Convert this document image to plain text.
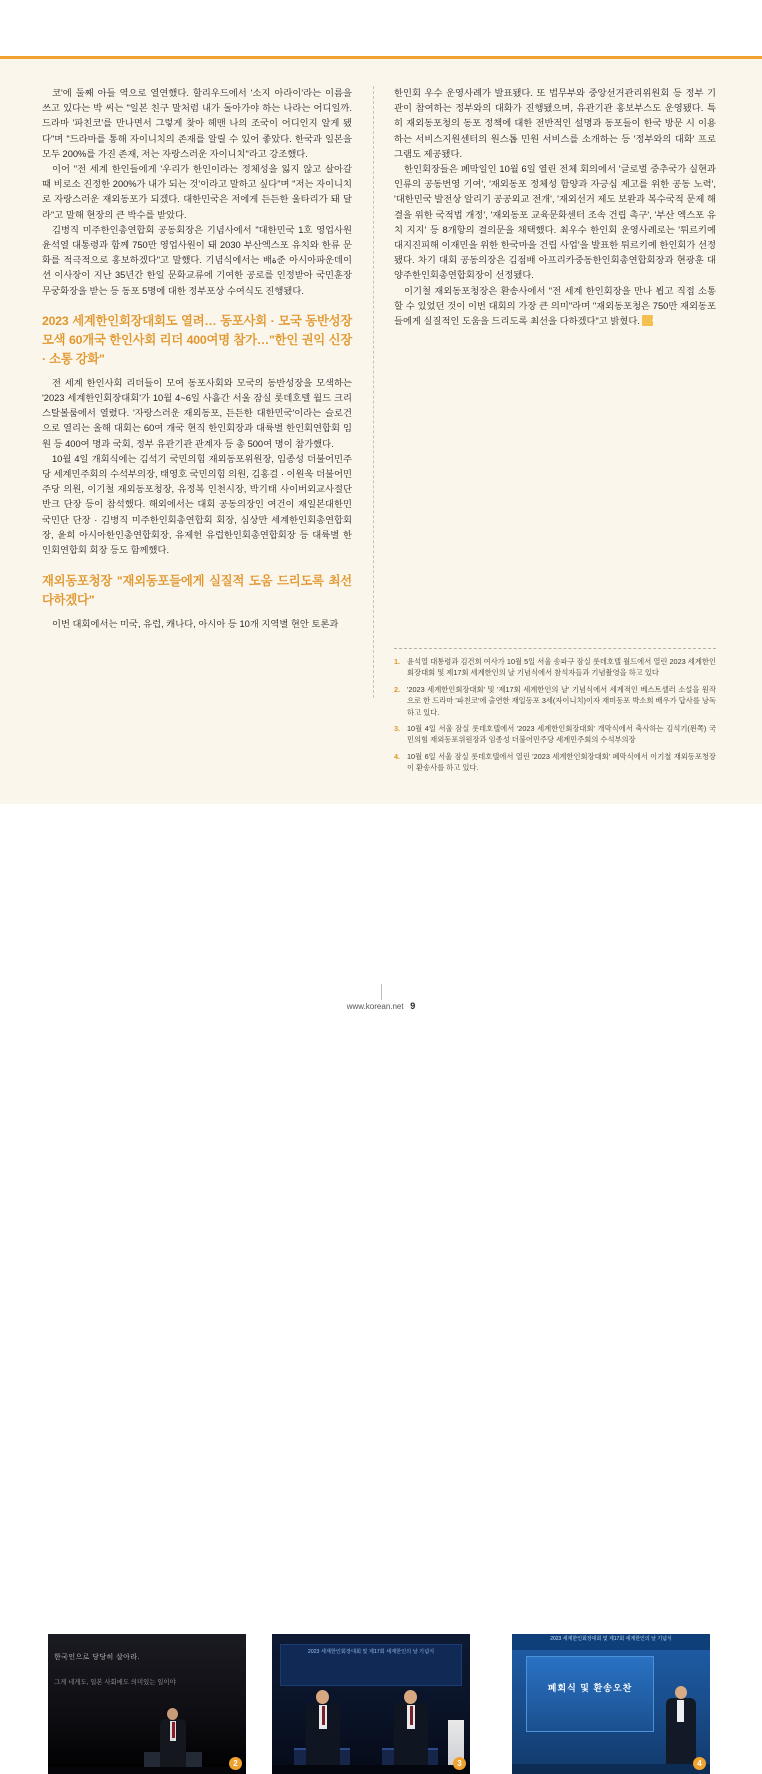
코'에 둘째 아들 역으로 열연했다. 할리우드에서 '소지 아라이'라는 이름을 쓰고 있다는 박 씨는 "일본 친구 말처럼 내가 돌아가야 하는 나라는 어디일까. 드라마 '파친코'를 만나면서 그렇게 찾아 헤맨 나의 조국이 어디인지 알게 됐다"며 "드라마를 통해 자이니치의 존재를 알릴 수 있어 좋았다. 한국과 일본을 모두 200%를 가진 존재, 저는 자랑스러운 자이니치"라고 강조했다.

이어 "전 세계 한인들에게 '우리가 한인이라는 정체성을 잃지 않고 살아갈 때 비로소 진정한 200%가 내가 되는 것'이라고 말하고 싶다"며 "저는 자이니치로 자랑스러운 재외동포가 되겠다. 대한민국은 저에게 든든한 울타리가 돼 달라"고 말해 현장의 큰 박수를 받았다.

김병직 미주한인총연합회 공동회장은 기념사에서 "대한민국 1호 영업사원 윤석열 대통령과 함께 750만 영업사원이 돼 2030 부산엑스포 유치와 한류 문화를 적극적으로 홍보하겠다"고 말했다. 기념식에서는 배ة준 아시아파운데이션 이사장이 지난 35년간 한일 문화교류에 기여한 공로를 인정받아 국민훈장 무궁화장을 받는 등 동포 5명에 대한 정부포상 수여식도 진행됐다.

2023 세계한인회장대회도 열려… 동포사회 · 모국 동반성장 모색 60개국 한인사회 리더 400여명 참가…"한인 권익 신장 · 소통 강화"

전 세계 한인사회 리더들이 모여 동포사회와 모국의 동반성장을 모색하는 '2023 세계한인회장대회'가 10월 4~6일 사흘간 서울 잠실 롯데호텔 월드 크리스탈볼룸에서 열렸다. '자랑스러운 재외동포, 든든한 대한민국'이라는 슬로건으로 열리는 올해 대회는 60여 개국 현직 한인회장과 대륙별 한인회연합회 임원 등 400여 명과 국회, 정부 유관기관 관계자 등 총 500여 명이 참가했다.

10월 4일 개회식에는 김석기 국민의힘 재외동포위원장, 임종성 더불어민주당 세계민주회의 수석부의장, 태영호 국민의힘 의원, 김홍걸 · 이원욱 더불어민주당 의원, 이기철 재외동포청장, 유정복 인천시장, 박기태 사이버외교사절단 반크 단장 등이 참석했다. 해외에서는 대회 공동의장인 여건이 재일본대한민국민단 단장 · 김병직 미주한인회총연합회 회장, 심상만 세계한인회총연합회장, 윤희 아시아한인총연합회장, 유제헌 유럽한인회총연합회장 등 대륙별 한인회연합회 회장 등도 함께했다.

재외동포청장 "재외동포들에게 실질적 도움 드리도록 최선 다하겠다"

이번 대회에서는 미국, 유럽, 캐나다, 아시아 등 10개 지역별 현안 토론과

한인회 우수 운영사례가 발표됐다. 또 법무부와 중앙선거관리위원회 등 정부 기관이 참여하는 정부와의 대화가 진행됐으며, 유관기관 홍보부스도 운영됐다. 특히 재외동포청의 동포 정책에 대한 전반적인 설명과 동포들이 한국 방문 시 이용하는 서비스지원센터의 원스톱 민원 서비스를 소개하는 등 '정부와의 대화' 프로그램도 제공됐다.

한인회장들은 폐막일인 10월 6일 열린 전체 회의에서 '글로벌 중추국가 실현과 인류의 공동번영 기여', '재외동포 정체성 함양과 자긍심 제고를 위한 공동 노력', '대한민국 발전상 알리기 공공외교 전개', '재외선거 제도 보완과 복수국적 문제 해결을 위한 국적법 개정', '재외동포 교육문화센터 조속 건립 촉구', '부산 엑스포 유치 지지' 등 8개항의 결의문을 채택했다. 최우수 한인회 운영사례로는 '튀르키예 대지진피해 이재민을 위한 한국마을 건립 사업'을 발표한 튀르키예 한인회가 선정됐다. 차기 대회 공동의장은 김점배 아프리카중동한인회총연합회장과 현광훈 대양주한인회총연합회장이 선정됐다.

이기철 재외동포청장은 환송사에서 "전 세계 한인회장을 만나 뵙고 직접 소통할 수 있었던 것이 이번 대회의 가장 큰 의미"라며 "재외동포청은 750만 재외동포들에게 실질적인 도움을 드리도록 최선을 다하겠다"고 밝혔다. 4

1. 윤석열 대통령과 김건희 여사가 10월 5일 서울 송파구 잠실 롯데호텔 월드에서 열린 2023 세계한인회장대회 및 제17회 세계한인의 날 기념식에서 참석자들과 기념촬영을 하고 있다
2. '2023 세계한인회장대회' 및 '제17회 세계한인의 날' 기념식에서 세계적인 베스트셀러 소설을 원작으로 한 드라마 '파친코'에 출연한 재일동포 3세(자이니치)이자 재미동포 박소희 배우가 답사를 낭독하고 있다.
3. 10월 4일 서울 잠실 롯데호텔에서 '2023 세계한인회장대회' 개막식에서 축사하는 김석기(왼쪽) 국민의힘 재외동포위원장과 임종성 더불어민주당 세계민주회의 수석부의장
4. 10월 6일 서울 잠실 롯데호텔에서 열린 '2023 세계한인회장대회' 폐막식에서 이기철 재외동포청장이 환송사를 하고 있다.
한국인으로 당당히 살아라.
그게 네게도, 일본 사회에도 의미있는 일이야
2
2023 세계한인회장대회 및 제17회 세계한인의 날 기념식
3
2023 세계한인회장대회 및 제17회 세계한인의 날 기념식
폐회식 및 환송오찬
4
www.korean.net 9
